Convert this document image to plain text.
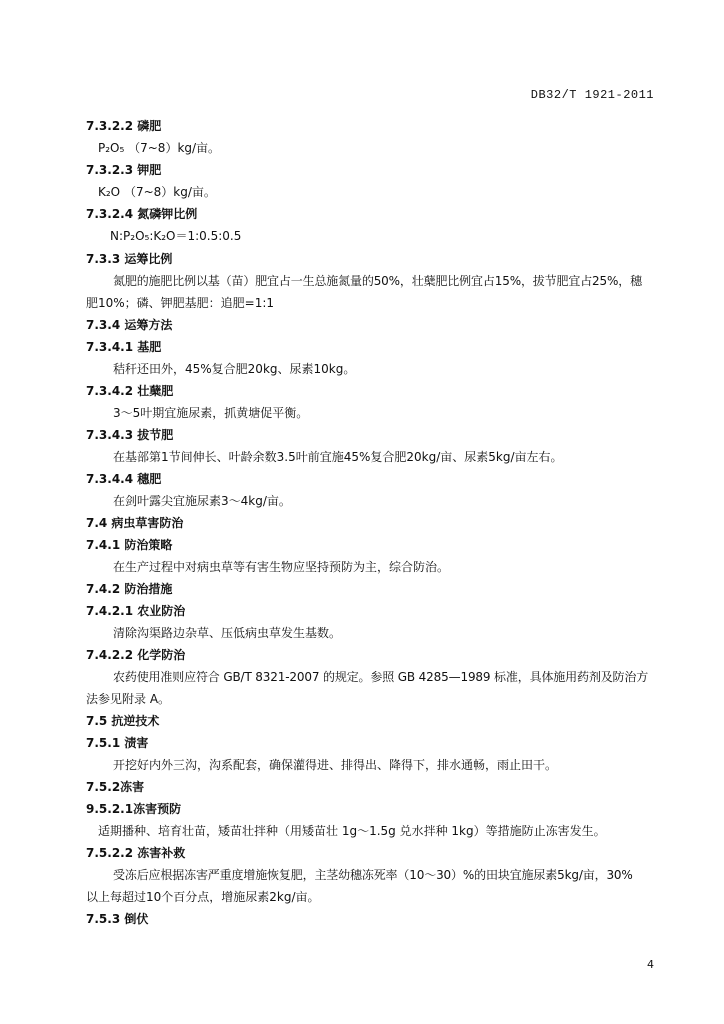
DB32/T 1921-2011
7.3.2.2 磷肥
P₂O₅ （7~8）kg/亩。
7.3.2.3 钾肥
K₂O （7~8）kg/亩。
7.3.2.4 氮磷钾比例
N:P₂O₅:K₂O＝1:0.5:0.5
7.3.3 运筹比例
氮肥的施肥比例以基（苗）肥宜占一生总施氮量的50%，壮蘖肥比例宜占15%，拔节肥宜占25%，穗
肥10%；磷、钾肥基肥：追肥=1:1
7.3.4 运筹方法
7.3.4.1 基肥
秸秆还田外，45%复合肥20kg、尿素10kg。
7.3.4.2 壮蘖肥
3～5叶期宜施尿素，抓黄塘促平衡。
7.3.4.3 拔节肥
在基部第1节间伸长、叶龄余数3.5叶前宜施45%复合肥20kg/亩、尿素5kg/亩左右。
7.3.4.4 穗肥
在剑叶露尖宜施尿素3～4kg/亩。
7.4 病虫草害防治
7.4.1 防治策略
在生产过程中对病虫草等有害生物应坚持预防为主，综合防治。
7.4.2 防治措施
7.4.2.1 农业防治
清除沟渠路边杂草、压低病虫草发生基数。
7.4.2.2 化学防治
农药使用准则应符合 GB/T 8321-2007 的规定。参照 GB 4285—1989 标准，具体施用药剂及防治方
法参见附录 A。
7.5 抗逆技术
7.5.1 渍害
开挖好内外三沟，沟系配套，确保灌得进、排得出、降得下，排水通畅，雨止田干。
7.5.2冻害
9.5.2.1冻害预防
适期播种、培育壮苗，矮苗壮拌种（用矮苗壮 1g～1.5g 兑水拌种 1kg）等措施防止冻害发生。
7.5.2.2 冻害补救
受冻后应根据冻害严重度增施恢复肥，主茎幼穗冻死率（10～30）%的田块宜施尿素5kg/亩，30%
以上每超过10个百分点，增施尿素2kg/亩。
7.5.3 倒伏
4
